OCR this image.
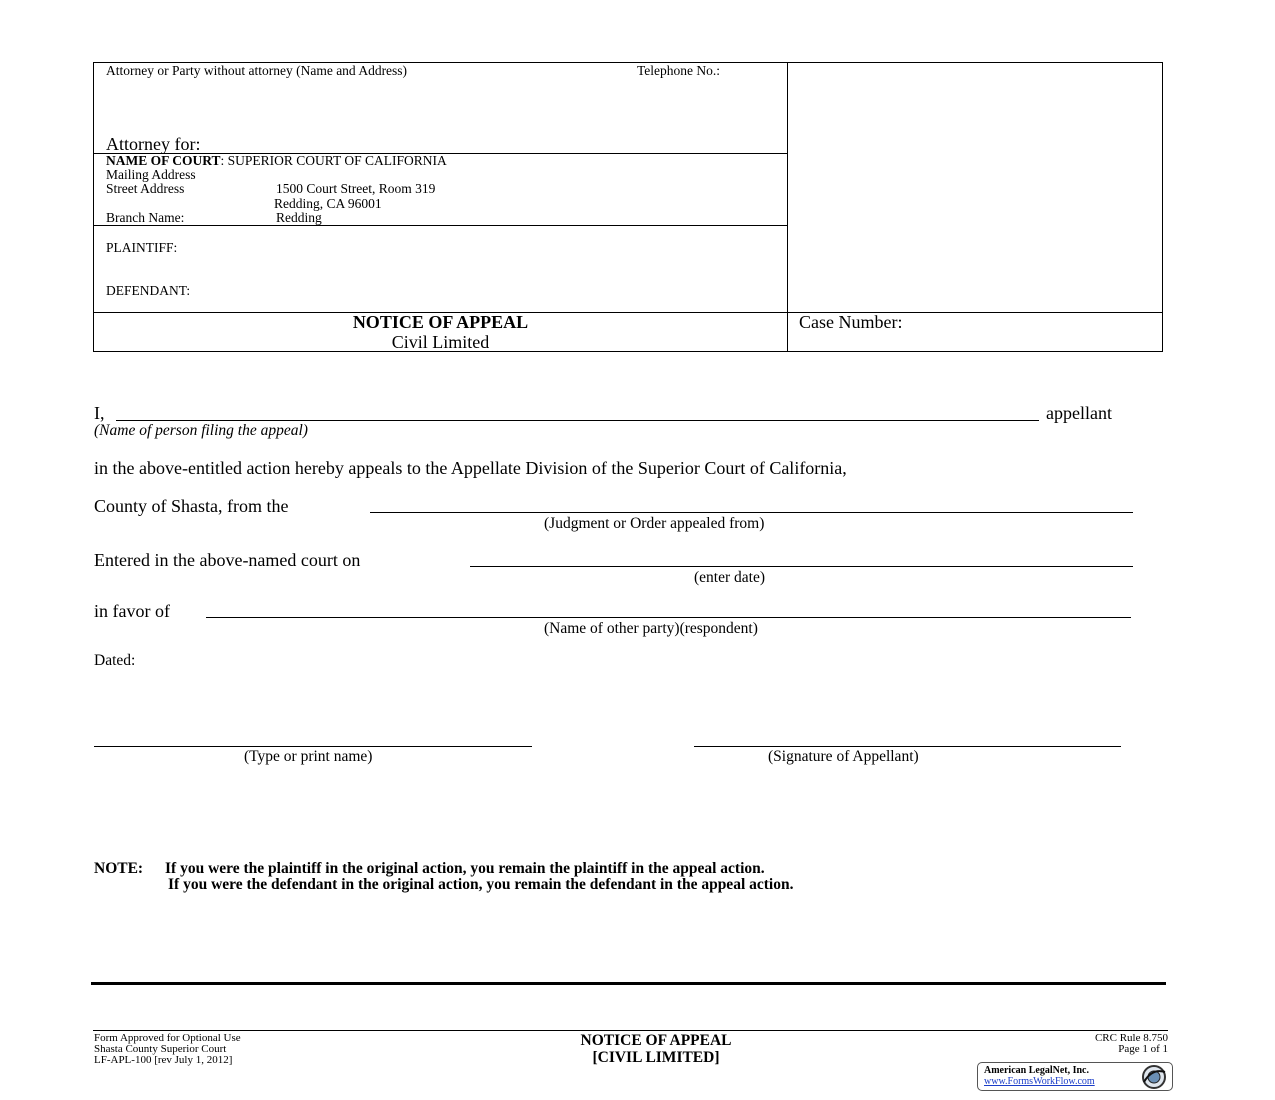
Attorney or Party without attorney (Name and Address)	Telephone No.:
Attorney for:
NAME OF COURT: SUPERIOR COURT OF CALIFORNIA
Mailing Address
Street Address	1500 Court Street, Room 319
Redding, CA 96001
Branch Name:	Redding
PLAINTIFF:
DEFENDANT:
NOTICE OF APPEAL
Civil Limited
Case Number:
I,	appellant
(Name of person filing the appeal)
in the above-entitled action hereby appeals to the Appellate Division of the Superior Court of California,
County of Shasta, from the
(Judgment or Order appealed from)
Entered in the above-named court on
(enter date)
in favor of
(Name of other party)(respondent)
Dated:
(Type or print name)	(Signature of Appellant)
NOTE: If you were the plaintiff in the original action, you remain the plaintiff in the appeal action.
If you were the defendant in the original action, you remain the defendant in the appeal action.
Form Approved for Optional Use
Shasta County Superior Court
LF-APL-100 [rev July 1, 2012]
NOTICE OF APPEAL
[CIVIL LIMITED]
CRC Rule 8.750
Page 1 of 1
American LegalNet, Inc.
www.FormsWorkFlow.com
